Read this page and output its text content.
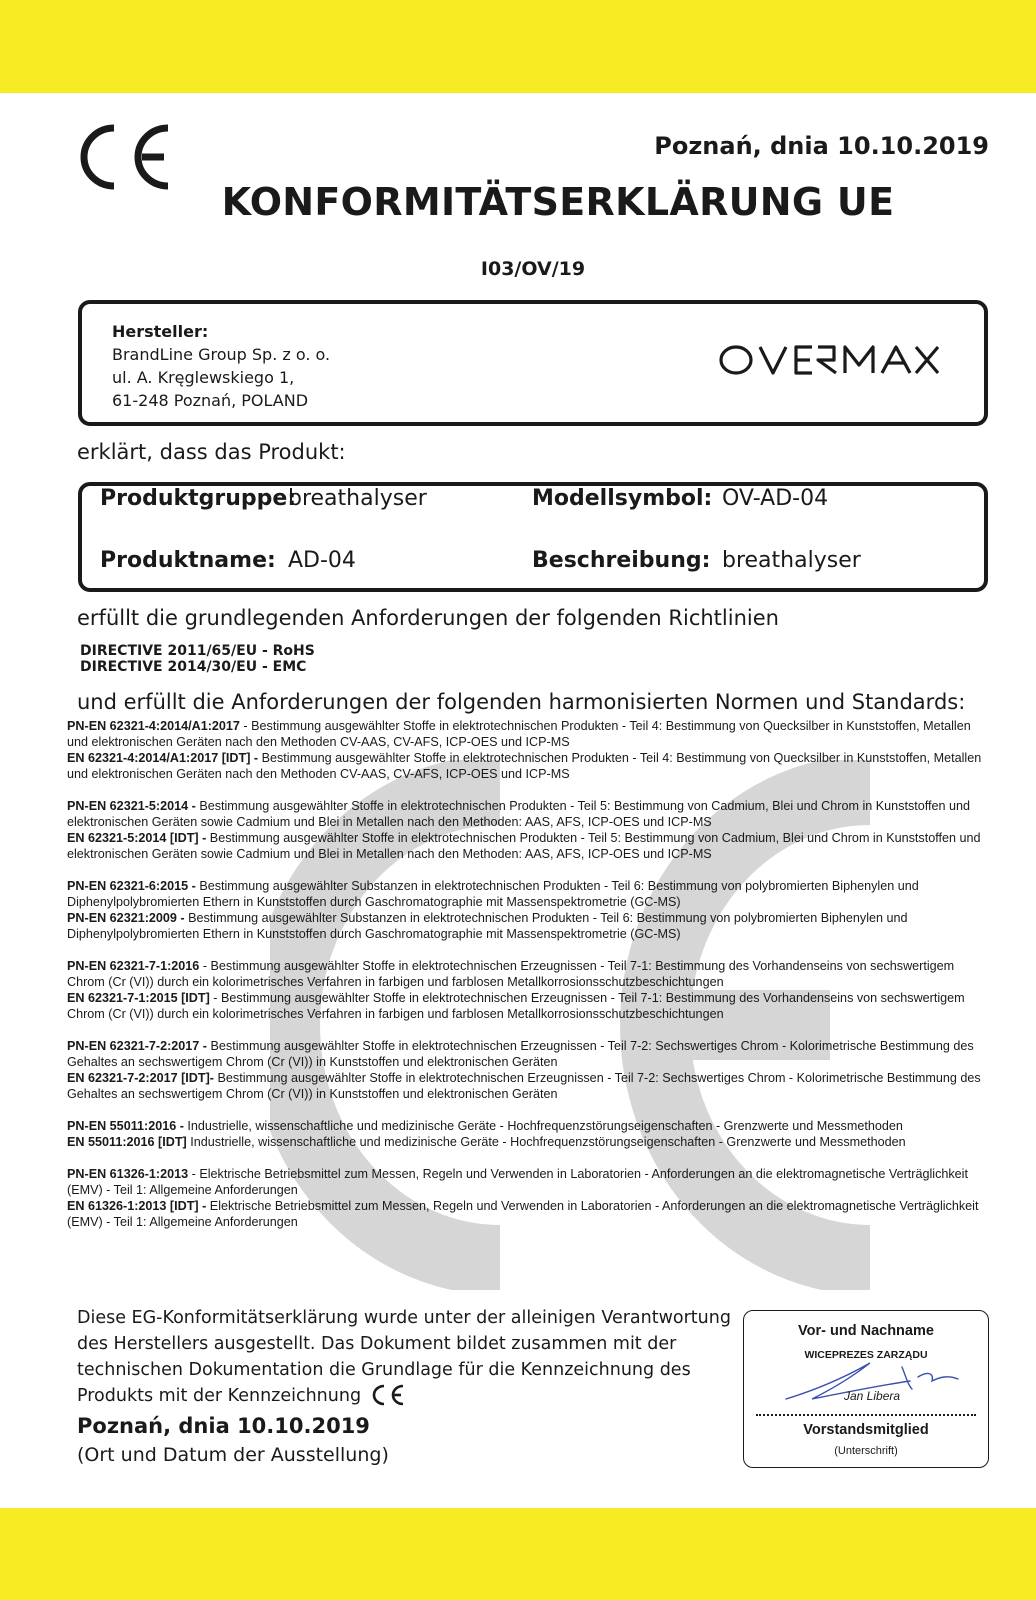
Poznań, dnia 10.10.2019
KONFORMITÄTSERKLÄRUNG UE
I03/OV/19
Hersteller:
BrandLine Group Sp. z o. o.
ul. A. Kręglewskiego 1,
61-248 Poznań, POLAND
erklärt, dass das Produkt:
Produktgruppe:
breathalyser	Modellsymbol: OV-AD-04
Produktname: AD-04	Beschreibung: breathalyser
erfüllt die grundlegenden Anforderungen der folgenden Richtlinien
DIRECTIVE 2011/65/EU - RoHS
DIRECTIVE 2014/30/EU - EMC
und erfüllt die Anforderungen der folgenden harmonisierten Normen und Standards:

PN-EN 62321-4:2014/A1:2017 - Bestimmung ausgewählter Stoffe in elektrotechnischen Produkten - Teil 4: Bestimmung von Quecksilber in Kunststoffen, Metallen und elektronischen Geräten nach den Methoden CV-AAS, CV-AFS, ICP-OES und ICP-MS

EN 62321-4:2014/A1:2017 [IDT] - Bestimmung ausgewählter Stoffe in elektrotechnischen Produkten - Teil 4: Bestimmung von Quecksilber in Kunststoffen, Metallen und elektronischen Geräten nach den Methoden CV-AAS, CV-AFS, ICP-OES und ICP-MS

PN-EN 62321-5:2014 - Bestimmung ausgewählter Stoffe in elektrotechnischen Produkten - Teil 5: Bestimmung von Cadmium, Blei und Chrom in Kunststoffen und elektronischen Geräten sowie Cadmium und Blei in Metallen nach den Methoden: AAS, AFS, ICP-OES und ICP-MS

EN 62321-5:2014 [IDT] - Bestimmung ausgewählter Stoffe in elektrotechnischen Produkten - Teil 5: Bestimmung von Cadmium, Blei und Chrom in Kunststoffen und elektronischen Geräten sowie Cadmium und Blei in Metallen nach den Methoden: AAS, AFS, ICP-OES und ICP-MS

PN-EN 62321-6:2015 - Bestimmung ausgewählter Substanzen in elektrotechnischen Produkten - Teil 6: Bestimmung von polybromierten Biphenylen und Diphenylpolybromierten Ethern in Kunststoffen durch Gaschromatographie mit Massenspektrometrie (GC-MS)

PN-EN 62321:2009 - Bestimmung ausgewählter Substanzen in elektrotechnischen Produkten - Teil 6: Bestimmung von polybromierten Biphenylen und Diphenylpolybromierten Ethern in Kunststoffen durch Gaschromatographie mit Massenspektrometrie (GC-MS)

PN-EN 62321-7-1:2016 - Bestimmung ausgewählter Stoffe in elektrotechnischen Erzeugnissen - Teil 7-1: Bestimmung des Vorhandenseins von sechswertigem Chrom (Cr (VI)) durch ein kolorimetrisches Verfahren in farbigen und farblosen Metallkorrosionsschutzbeschichtungen

EN 62321-7-1:2015 [IDT] - Bestimmung ausgewählter Stoffe in elektrotechnischen Erzeugnissen - Teil 7-1: Bestimmung des Vorhandenseins von sechswertigem Chrom (Cr (VI)) durch ein kolorimetrisches Verfahren in farbigen und farblosen Metallkorrosionsschutzbeschichtungen

PN-EN 62321-7-2:2017 - Bestimmung ausgewählter Stoffe in elektrotechnischen Erzeugnissen - Teil 7-2: Sechswertiges Chrom - Kolorimetrische Bestimmung des Gehaltes an sechswertigem Chrom (Cr (VI)) in Kunststoffen und elektronischen Geräten

EN 62321-7-2:2017 [IDT]- Bestimmung ausgewählter Stoffe in elektrotechnischen Erzeugnissen - Teil 7-2: Sechswertiges Chrom - Kolorimetrische Bestimmung des Gehaltes an sechswertigem Chrom (Cr (VI)) in Kunststoffen und elektronischen Geräten

PN-EN 55011:2016 - Industrielle, wissenschaftliche und medizinische Geräte - Hochfrequenzstörungseigenschaften - Grenzwerte und Messmethoden

EN 55011:2016 [IDT] Industrielle, wissenschaftliche und medizinische Geräte - Hochfrequenzstörungseigenschaften - Grenzwerte und Messmethoden

PN-EN 61326-1:2013 - Elektrische Betriebsmittel zum Messen, Regeln und Verwenden in Laboratorien - Anforderungen an die elektromagnetische Verträglichkeit (EMV) - Teil 1: Allgemeine Anforderungen

EN 61326-1:2013 [IDT] - Elektrische Betriebsmittel zum Messen, Regeln und Verwenden in Laboratorien - Anforderungen an die elektromagnetische Verträglichkeit (EMV) - Teil 1: Allgemeine Anforderungen

Diese EG-Konformitätserklärung wurde unter der alleinigen Verantwortung des Herstellers ausgestellt. Das Dokument bildet zusammen mit der technischen Dokumentation die Grundlage für die Kennzeichnung des Produkts mit der Kennzeichnung
Poznań, dnia 10.10.2019
(Ort und Datum der Ausstellung)
Vor- und Nachname
WICEPREZES ZARZĄDU
Jan Libera
Vorstandsmitglied
(Unterschrift)
